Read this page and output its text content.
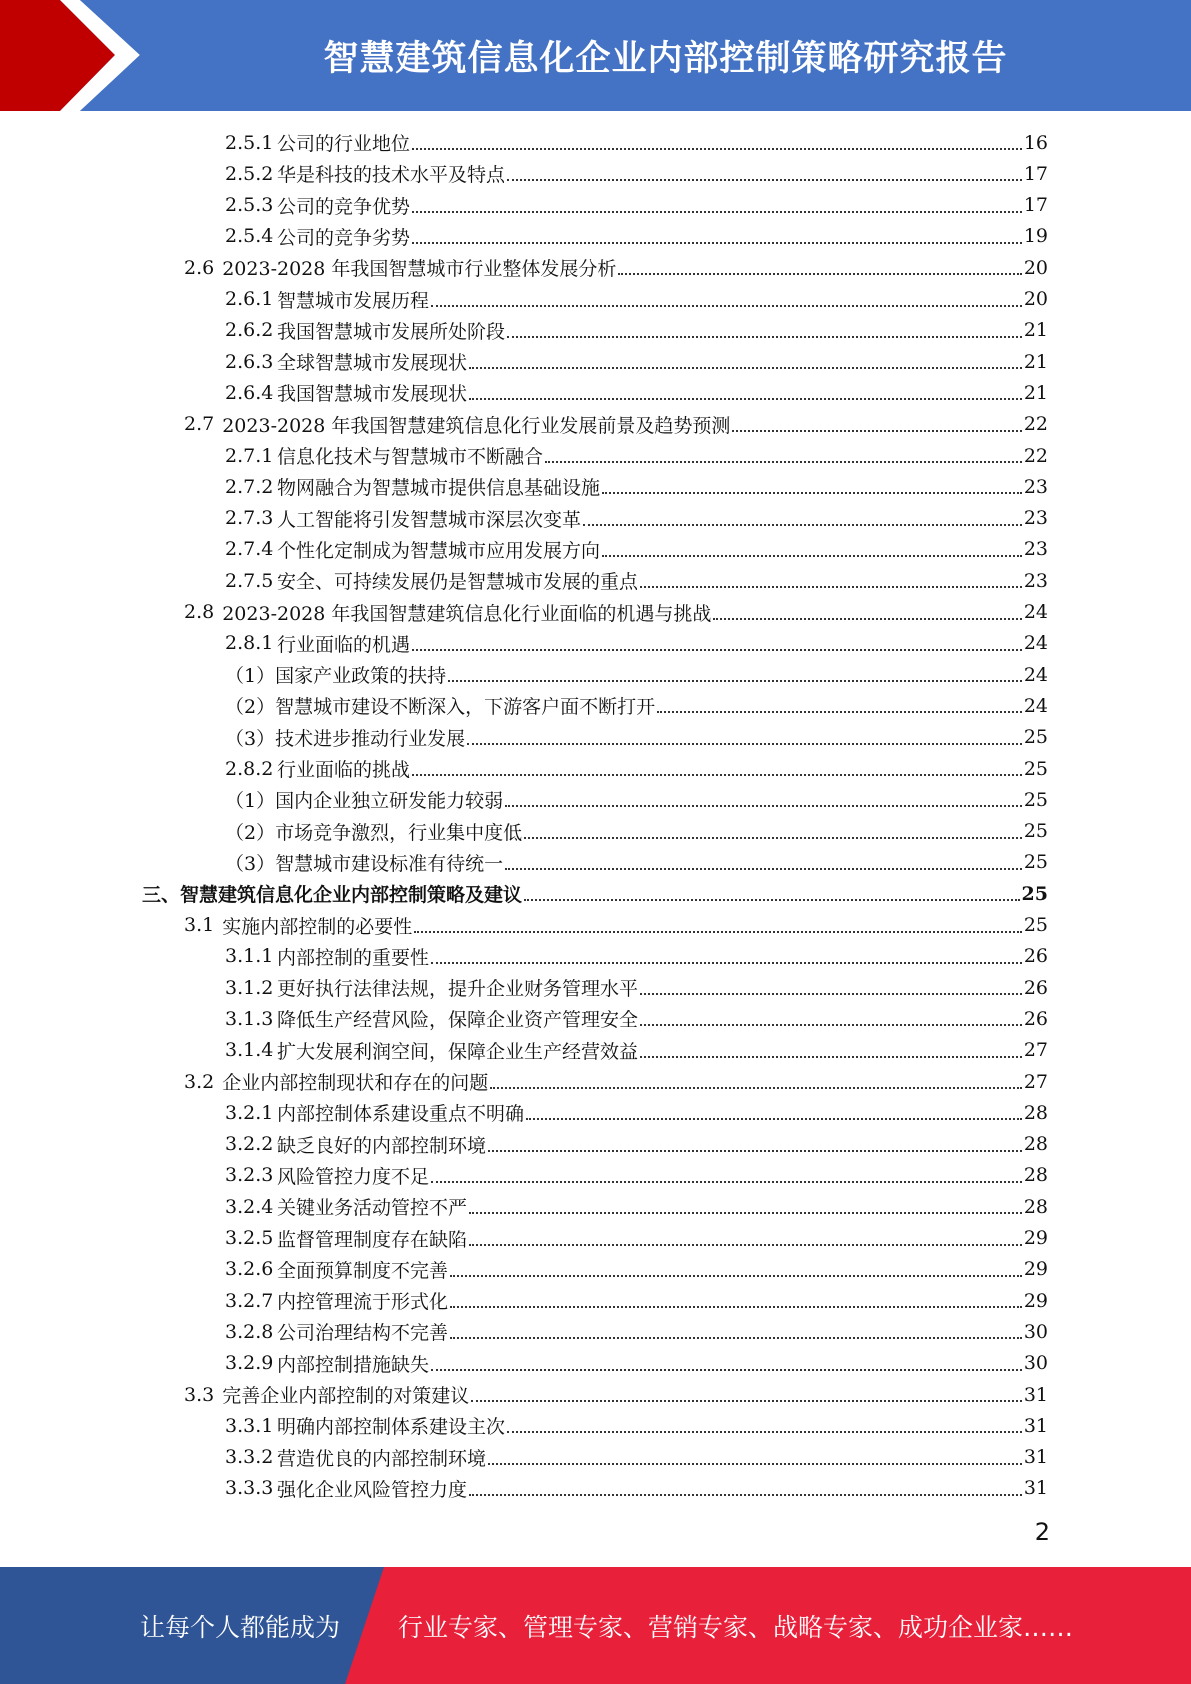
智慧建筑信息化企业内部控制策略研究报告
2.5.1 公司的行业地位	16
2.5.2 华是科技的技术水平及特点	17
2.5.3 公司的竞争优势	17
2.5.4 公司的竞争劣势	19
2.6 2023-2028 年我国智慧城市行业整体发展分析	20
2.6.1 智慧城市发展历程	20
2.6.2 我国智慧城市发展所处阶段	21
2.6.3 全球智慧城市发展现状	21
2.6.4 我国智慧城市发展现状	21
2.7 2023-2028 年我国智慧建筑信息化行业发展前景及趋势预测	22
2.7.1 信息化技术与智慧城市不断融合	22
2.7.2 物网融合为智慧城市提供信息基础设施	23
2.7.3 人工智能将引发智慧城市深层次变革	23
2.7.4 个性化定制成为智慧城市应用发展方向	23
2.7.5 安全、可持续发展仍是智慧城市发展的重点	23
2.8 2023-2028 年我国智慧建筑信息化行业面临的机遇与挑战	24
2.8.1 行业面临的机遇	24
（1）国家产业政策的扶持	24
（2）智慧城市建设不断深入，下游客户面不断打开	24
（3）技术进步推动行业发展	25
2.8.2 行业面临的挑战	25
（1）国内企业独立研发能力较弱	25
（2）市场竞争激烈，行业集中度低	25
（3）智慧城市建设标准有待统一	25
三、智慧建筑信息化企业内部控制策略及建议	25
3.1 实施内部控制的必要性	25
3.1.1 内部控制的重要性	26
3.1.2 更好执行法律法规，提升企业财务管理水平	26
3.1.3 降低生产经营风险，保障企业资产管理安全	26
3.1.4 扩大发展利润空间，保障企业生产经营效益	27
3.2 企业内部控制现状和存在的问题	27
3.2.1 内部控制体系建设重点不明确	28
3.2.2 缺乏良好的内部控制环境	28
3.2.3 风险管控力度不足	28
3.2.4 关键业务活动管控不严	28
3.2.5 监督管理制度存在缺陷	29
3.2.6 全面预算制度不完善	29
3.2.7 内控管理流于形式化	29
3.2.8 公司治理结构不完善	30
3.2.9 内部控制措施缺失	30
3.3 完善企业内部控制的对策建议	31
3.3.1 明确内部控制体系建设主次	31
3.3.2 营造优良的内部控制环境	31
3.3.3 强化企业风险管控力度	31
2
让每个人都能成为 行业专家、管理专家、营销专家、战略专家、成功企业家……
